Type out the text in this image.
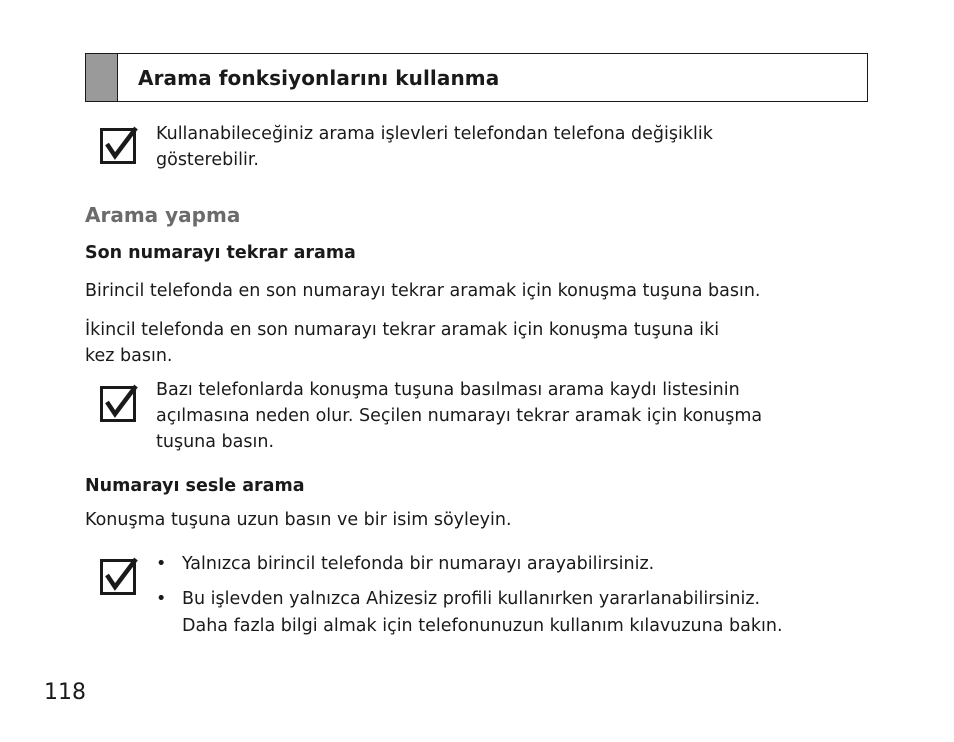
Arama fonksiyonlarını kullanma

Kullanabileceğiniz arama işlevleri telefondan telefona değişiklik

gösterebilir.

Arama yapma
Son numarayı tekrar arama

Birincil telefonda en son numarayı tekrar aramak için konuşma tuşuna basın.

İkincil telefonda en son numarayı tekrar aramak için konuşma tuşuna iki
kez basın.

Bazı telefonlarda konuşma tuşuna basılması arama kaydı listesinin

açılmasına neden olur. Seçilen numarayı tekrar aramak için konuşma

tuşuna basın.

Numarayı sesle arama

Konuşma tuşuna uzun basın ve bir isim söyleyin.

• Yalnızca birincil telefonda bir numarayı arayabilirsiniz.
• Bu işlevden yalnızca Ahizesiz profili kullanırken yararlanabilirsiniz.
Daha fazla bilgi almak için telefonunuzun kullanım kılavuzuna bakın.
118
